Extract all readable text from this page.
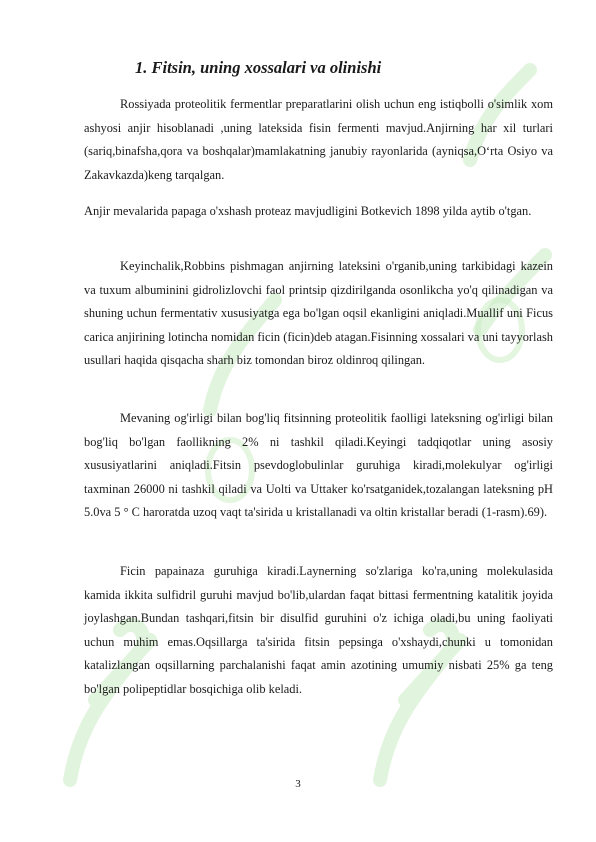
1. Fitsin, uning xossalari va olinishi

Rossiyada proteolitik fermentlar preparatlarini olish uchun eng istiqbolli o'simlik xom ashyosi anjir hisoblanadi ,uning lateksida fisin fermenti mavjud.Anjirning har xil turlari (sariq,binafsha,qora va boshqalar)mamlakatning janubiy rayonlarida (ayniqsa,O‘rta Osiyo va Zakavkazda)keng tarqalgan.

Anjir mevalarida papaga o'xshash proteaz mavjudligini Botkevich 1898 yilda aytib o'tgan.

Keyinchalik,Robbins pishmagan anjirning lateksini o'rganib,uning tarkibidagi kazein va tuxum albuminini gidrolizlovchi faol printsip qizdirilganda osonlikcha yo'q qilinadigan va shuning uchun fermentativ xususiyatga ega bo'lgan oqsil ekanligini aniqladi.Muallif uni Ficus carica anjirining lotincha nomidan ficin (ficin)deb atagan.Fisinning xossalari va uni tayyorlash usullari haqida qisqacha sharh biz tomondan biroz oldinroq qilingan.

Mevaning og'irligi bilan bog'liq fitsinning proteolitik faolligi lateksning og'irligi bilan bog'liq bo'lgan faollikning 2% ni tashkil qiladi.Keyingi tadqiqotlar uning asosiy xususiyatlarini aniqladi.Fitsin psevdoglobulinlar guruhiga kiradi,molekulyar og'irligi taxminan 26000 ni tashkil qiladi va Uolti va Uttaker ko'rsatganidek,tozalangan lateksning pH 5.0va 5 ° C haroratda uzoq vaqt ta'sirida u kristallanadi va oltin kristallar beradi (1-rasm).69).

Ficin papainaza guruhiga kiradi.Laynerning so'zlariga ko'ra,uning molekulasida kamida ikkita sulfidril guruhi mavjud bo'lib,ulardan faqat bittasi fermentning katalitik joyida joylashgan.Bundan tashqari,fitsin bir disulfid guruhini o'z ichiga oladi,bu uning faoliyati uchun muhim emas.Oqsillarga ta'sirida fitsin pepsinga o'xshaydi,chunki u tomonidan katalizlangan oqsillarning parchalanishi faqat amin azotining umumiy nisbati 25% ga teng bo'lgan polipeptidlar bosqichiga olib keladi.

3
